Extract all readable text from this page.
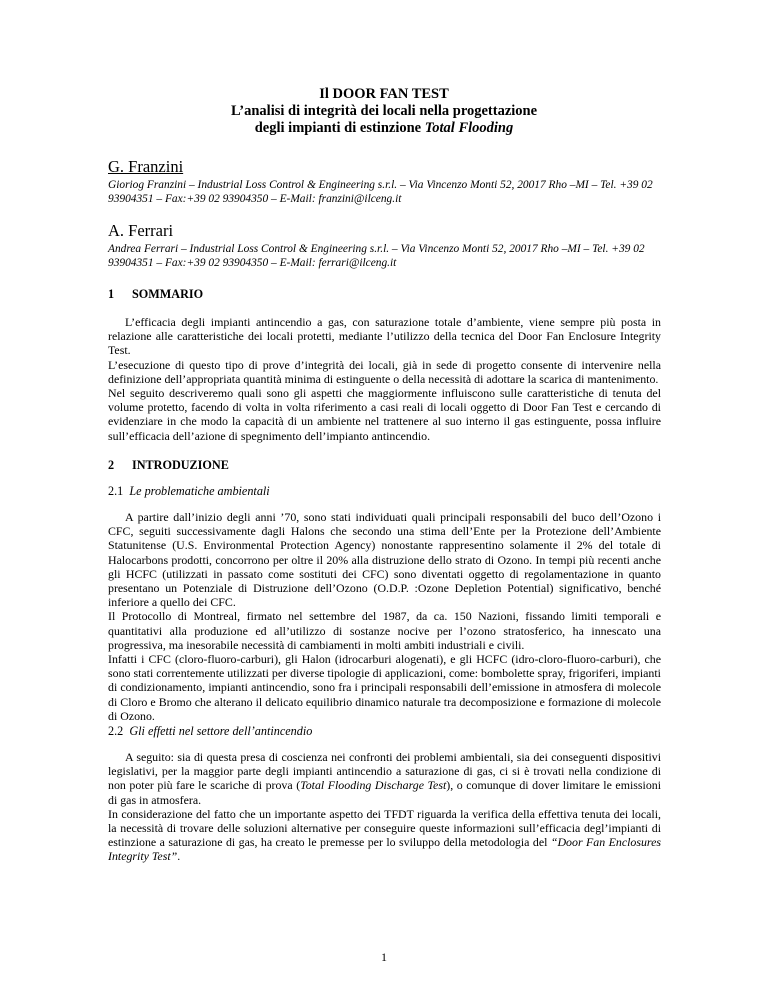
Il DOOR FAN TEST
L’analisi di integrità dei locali nella progettazione
degli impianti di estinzione Total Flooding
G. Franzini
Gioriog Franzini – Industrial Loss Control & Engineering s.r.l. – Via Vincenzo Monti 52, 20017 Rho –MI – Tel. +39 02 93904351 – Fax:+39 02 93904350 – E-Mail: franzini@ilceng.it
A. Ferrari
Andrea Ferrari – Industrial Loss Control & Engineering s.r.l. – Via Vincenzo Monti 52, 20017 Rho –MI – Tel. +39 02 93904351 – Fax:+39 02 93904350 – E-Mail: ferrari@ilceng.it
1 SOMMARIO

L’efficacia degli impianti antincendio a gas, con saturazione totale d’ambiente, viene sempre più posta in relazione alle caratteristiche dei locali protetti, mediante l’utilizzo della tecnica del Door Fan Enclosure Integrity Test.

L’esecuzione di questo tipo di prove d’integrità dei locali, già in sede di progetto consente di intervenire nella definizione dell’appropriata quantità minima di estinguente o della necessità di adottare la scarica di mantenimento.

Nel seguito descriveremo quali sono gli aspetti che maggiormente influiscono sulle caratteristiche di tenuta del volume protetto, facendo di volta in volta riferimento a casi reali di locali oggetto di Door Fan Test e cercando di evidenziare in che modo la capacità di un ambiente nel trattenere al suo interno il gas estinguente, possa influire sull’efficacia dell’azione di spegnimento dell’impianto antincendio.

2 INTRODUZIONE
2.1 Le problematiche ambientali

A partire dall’inizio degli anni ’70, sono stati individuati quali principali responsabili del buco dell’Ozono i CFC, seguiti successivamente dagli Halons che secondo una stima dell’Ente per la Protezione dell’Ambiente Statunitense (U.S. Environmental Protection Agency) nonostante rappresentino solamente il 2% del totale di Halocarbons prodotti, concorrono per oltre il 20% alla distruzione dello strato di Ozono. In tempi più recenti anche gli HCFC (utilizzati in passato come sostituti dei CFC) sono diventati oggetto di regolamentazione in quanto presentano un Potenziale di Distruzione dell’Ozono (O.D.P. :Ozone Depletion Potential) significativo, benché inferiore a quello dei CFC.

Il Protocollo di Montreal, firmato nel settembre del 1987, da ca. 150 Nazioni, fissando limiti temporali e quantitativi alla produzione ed all’utilizzo di sostanze nocive per l’ozono stratosferico, ha innescato una progressiva, ma inesorabile necessità di cambiamenti in molti ambiti industriali e civili.

Infatti i CFC (cloro-fluoro-carburi), gli Halon (idrocarburi alogenati), e gli HCFC (idro-cloro-fluoro-carburi), che sono stati correntemente utilizzati per diverse tipologie di applicazioni, come: bombolette spray, frigoriferi, impianti di condizionamento, impianti antincendio, sono fra i principali responsabili dell’emissione in atmosfera di molecole di Cloro e Bromo che alterano il delicato equilibrio dinamico naturale tra decomposizione e formazione di molecole di Ozono.

2.2 Gli effetti nel settore dell’antincendio

A seguito: sia di questa presa di coscienza nei confronti dei problemi ambientali, sia dei conseguenti dispositivi legislativi, per la maggior parte degli impianti antincendio a saturazione di gas, ci si è trovati nella condizione di non poter più fare le scariche di prova (Total Flooding Discharge Test), o comunque di dover limitare le emissioni di gas in atmosfera.

In considerazione del fatto che un importante aspetto dei TFDT riguarda la verifica della effettiva tenuta dei locali, la necessità di trovare delle soluzioni alternative per conseguire queste informazioni sull’efficacia degl’impianti di estinzione a saturazione di gas, ha creato le premesse per lo sviluppo della metodologia del “Door Fan Enclosures Integrity Test”.

1
